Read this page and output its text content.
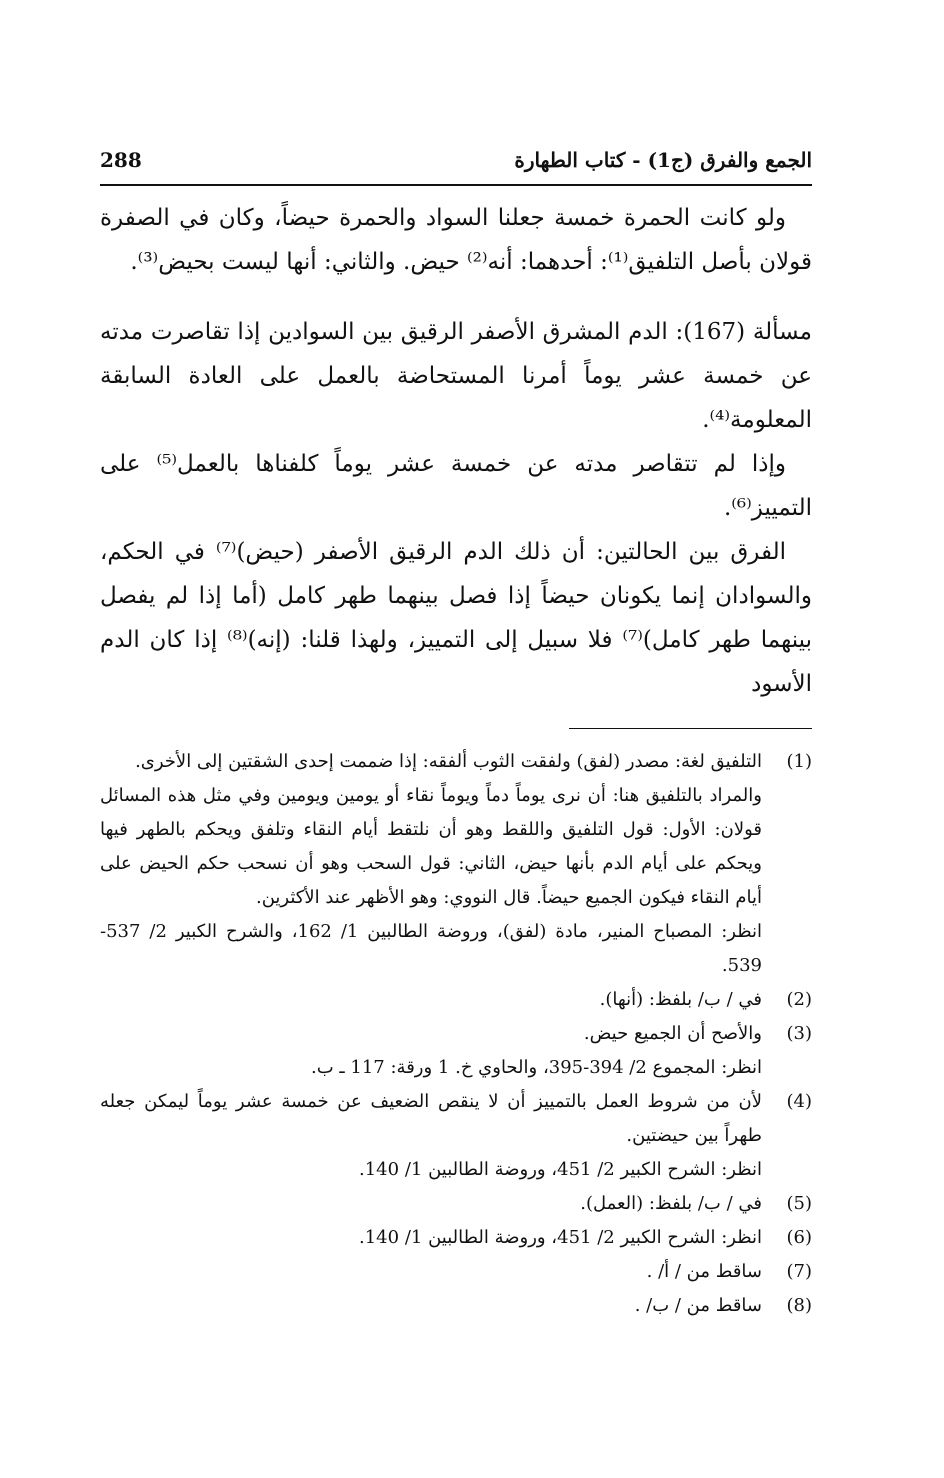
الجمع والفرق (ج1) - كتاب الطهارة
288

ولو كانت الحمرة خمسة جعلنا السواد والحمرة حيضاً، وكان في الصفرة قولان بأصل التلفيق⁽¹⁾: أحدهما: أنه⁽²⁾ حيض. والثاني: أنها ليست بحيض⁽³⁾.

مسألة (167): الدم المشرق الأصفر الرقيق بين السوادين إذا تقاصرت مدته عن خمسة عشر يوماً أمرنا المستحاضة بالعمل على العادة السابقة المعلومة⁽⁴⁾.

وإذا لم تتقاصر مدته عن خمسة عشر يوماً كلفناها بالعمل⁽⁵⁾ على التمييز⁽⁶⁾.

الفرق بين الحالتين: أن ذلك الدم الرقيق الأصفر (حيض)⁽⁷⁾ في الحكم، والسوادان إنما يكونان حيضاً إذا فصل بينهما طهر كامل (أما إذا لم يفصل بينهما طهر كامل)⁽⁷⁾ فلا سبيل إلى التمييز، ولهذا قلنا: (إنه)⁽⁸⁾ إذا كان الدم الأسود

(1)

التلفيق لغة: مصدر (لفق) ولفقت الثوب ألفقه: إذا ضممت إحدى الشقتين إلى الأخرى.

والمراد بالتلفيق هنا: أن نرى يوماً دماً ويوماً نقاء أو يومين ويومين وفي مثل هذه المسائل قولان: الأول: قول التلفيق واللقط وهو أن نلتقط أيام النقاء وتلفق ويحكم بالطهر فيها ويحكم على أيام الدم بأنها حيض، الثاني: قول السحب وهو أن نسحب حكم الحيض على أيام النقاء فيكون الجميع حيضاً. قال النووي: وهو الأظهر عند الأكثرين.

انظر: المصباح المنير، مادة (لفق)، وروضة الطالبين 1/ 162، والشرح الكبير 2/ 537-539.

(2)

في / ب/ بلفظ: (أنها).

(3)

والأصح أن الجميع حيض.

انظر: المجموع 2/ 394-395، والحاوي خ. 1 ورقة: 117 ـ ب.

(4)

لأن من شروط العمل بالتمييز أن لا ينقص الضعيف عن خمسة عشر يوماً ليمكن جعله طهراً بين حيضتين.

انظر: الشرح الكبير 2/ 451، وروضة الطالبين 1/ 140.

(5)

في / ب/ بلفظ: (العمل).

(6)

انظر: الشرح الكبير 2/ 451، وروضة الطالبين 1/ 140.

(7)

ساقط من / أ/ .

(8)

ساقط من / ب/ .
